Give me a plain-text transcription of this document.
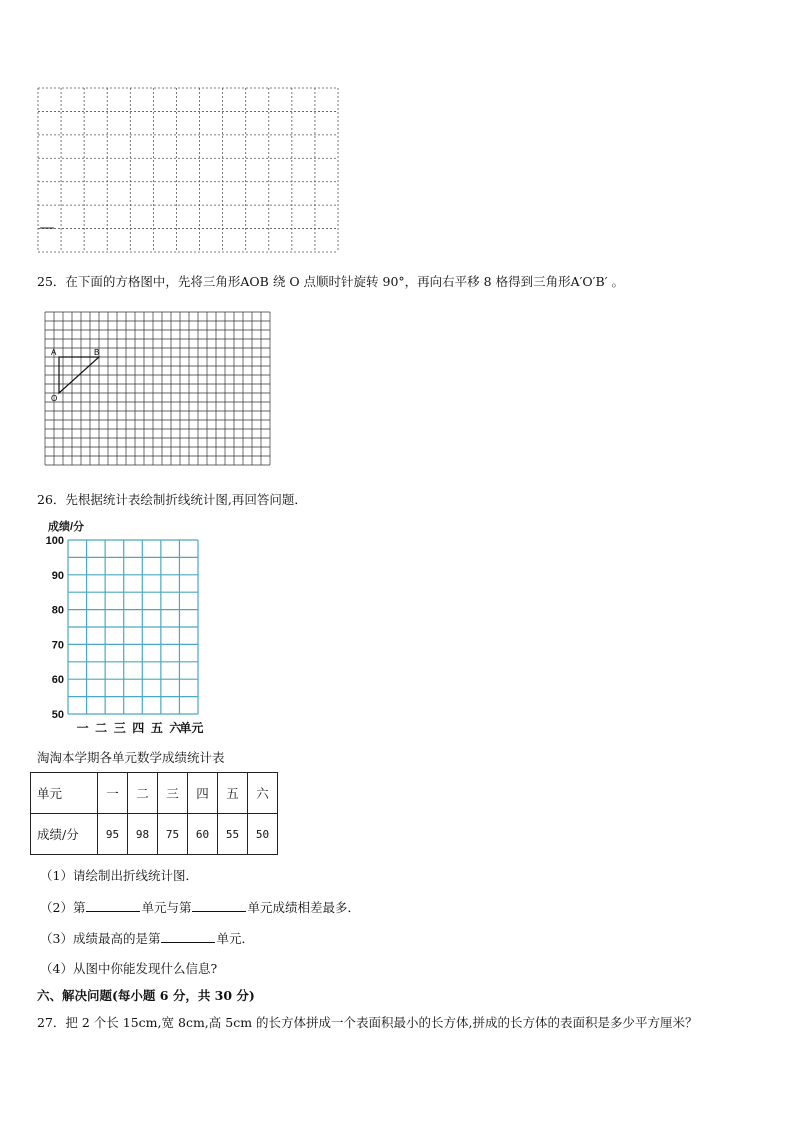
25．在下面的方格图中，先将三角形AOB 绕 O 点顺时针旋转 90°，再向右平移 8 格得到三角形A′O′B′ 。
A	B
O
26．先根据统计表绘制折线统计图,再回答问题．
成绩/分
100
90
80
70
60
50
一 二 三 四 五 六
单元
淘淘本学期各单元数学成绩统计表
单元	一	二	三	四	五	六
成绩/分	95	98	75	60	55	50
（1）请绘制出折线统计图．
（2）第	单元与第	单元成绩相差最多．
（3）成绩最高的是第	单元．
（4）从图中你能发现什么信息?
六、解决问题(每小题 6 分，共 30 分)
27．把 2 个长 15cm,宽 8cm,高 5cm 的长方体拼成一个表面积最小的长方体,拼成的长方体的表面积是多少平方厘米？
